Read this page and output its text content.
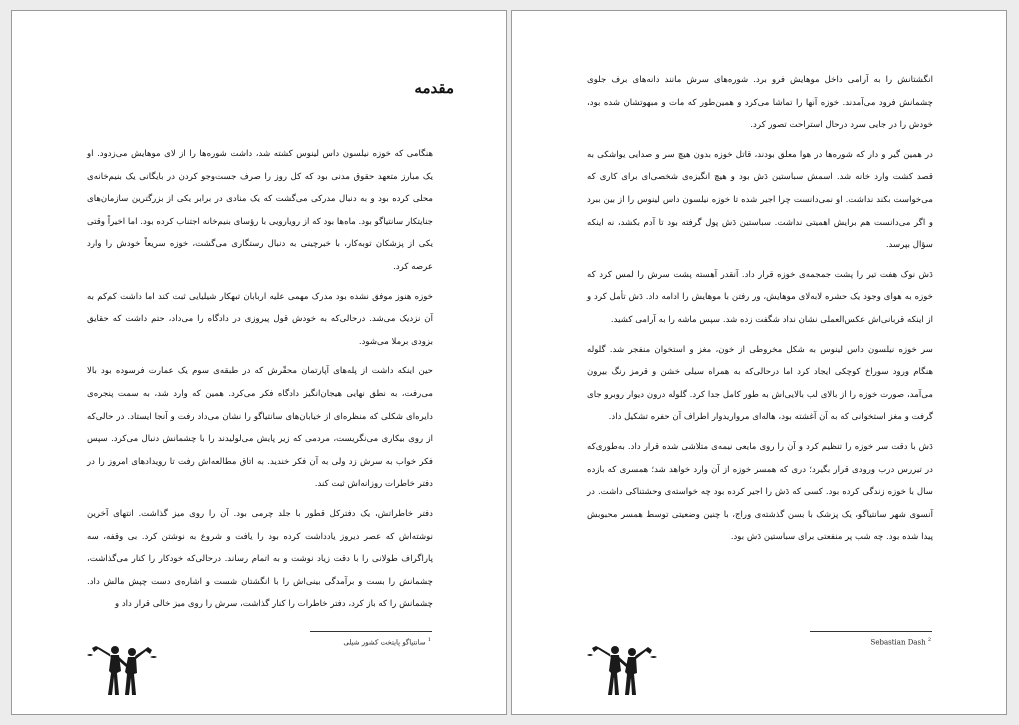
مقدمه

هنگامی که خوزه نیلسون داس لینوس کشته شد، داشت شوره‌ها را از لای موهایش می‌زدود. او یک مبارز متعهد حقوق مدنی بود که کل روز را صرف جست‌وجو کردن در بایگانی یک بنیم‌خانه‌ی محلی کرده بود و به دنبال مدرکی می‌گشت که یک منادی در برابر یکی از بزرگترین سازمان‌های جنایتکار سانتیاگو بود. ماه‌ها بود که از رویارویی با رؤسای بنیم‌خانه اجتناب کرده بود. اما اخیراً وقتی یکی از پزشکان توبه‌کار، با خبرچینی به دنبال رستگاری می‌گشت، خوزه سریعاً خودش را وارد عرصه کرد.

خوزه هنوز موفق نشده بود مدرک مهمی علیه اربابان تبهکار شیلیایی ثبت کند اما داشت کم‌کم به آن نزدیک می‌شد. درحالی‌که به خودش قول پیروزی در دادگاه را می‌داد، حتم داشت که حقایق بزودی برملا می‌شود.

حین اینکه داشت از پله‌های آپارتمان محقّرش که در طبقه‌ی سوم یک عمارت فرسوده بود بالا می‌رفت، به نطق نهایی هیجان‌انگیز دادگاه فکر می‌کرد. همین که وارد شد، به سمت پنجره‌ی دایره‌ای شکلی که منظره‌ای از خیابان‌های سانتیاگو را نشان می‌داد رفت و آنجا ایستاد. در حالی‌که از روی بیکاری می‌نگریست، مردمی که زیر پایش می‌لولیدند را با چشمانش دنبال می‌کرد. سپس فکر خواب به سرش زد ولی به آن فکر خندید. به اتاق مطالعه‌اش رفت تا رویدادهای امروز را در دفتر خاطرات روزانه‌اش ثبت کند.

دفتر خاطراتش، یک دفترکل قطور با جلد چرمی بود. آن را روی میز گذاشت. انتهای آخرین نوشته‌اش که عصر دیروز یادداشت کرده بود را یافت و شروع به نوشتن کرد. بی وقفه، سه پاراگراف طولانی را با دقت زیاد نوشت و به اتمام رساند. درحالی‌که خودکار را کنار می‌گذاشت، چشمانش را بست و برآمدگی بینی‌اش را با انگشتان شست و اشاره‌ی دست چپش مالش داد. چشمانش را که باز کرد، دفتر خاطرات را کنار گذاشت، سرش را روی میز خالی قرار داد و

$^1$ سانتیاگو پایتخت کشور شیلی

انگشتانش را به آرامی داخل موهایش فرو برد. شوره‌های سرش مانند دانه‌های برف جلوی چشمانش فرود می‌آمدند. خوزه آنها را تماشا می‌کرد و همین‌طور که مات و مبهوتشان شده بود، خودش را در جایی سرد درحال استراحت تصور کرد.

در همین گیر و دار که شوره‌ها در هوا معلق بودند، قاتل خوزه بدون هیچ سر و صدایی یواشکی به قصد کشت وارد خانه شد. اسمش سباستین دَش بود و هیچ انگیزه‌ی شخصی‌ای برای کاری که می‌خواست بکند نداشت. او نمی‌دانست چرا اجیر شده تا خوزه نیلسون داس لینوس را از بین ببرد و اگر می‌دانست هم برایش اهمیتی نداشت. سباستین دَش پول گرفته بود تا آدم بکشد، نه اینکه سؤال بپرسد.

دَش نوک هفت تیر را پشت جمجمه‌ی خوزه قرار داد. آنقدر آهسته پشت سرش را لمس کرد که خوزه به هوای وجود یک حشره لابه‌لای موهایش، ور رفتن با موهایش را ادامه داد. دَش تأمل کرد و از اینکه قربانی‌اش عکس‌العملی نشان نداد شگفت زده شد. سپس ماشه را به آرامی کشید.

سر خوزه نیلسون داس لینوس به شکل مخروطی از خون، مغز و استخوان منفجر شد. گلوله هنگام ورود سوراخ کوچکی ایجاد کرد اما درحالی‌که به همراه سیلی خشن و قرمز رنگ بیرون می‌آمد، صورت خوزه را از بالای لب بالایی‌اش به طور کامل جدا کرد. گلوله درون دیوار روبرو جای گرفت و مغز استخوانی که به آن آغشته بود، هاله‌ای مرواریدوار اطراف آن حفره تشکیل داد.

دَش با دقت سر خوزه را تنظیم کرد و آن را روی مایعی نیمه‌ی متلاشی شده قرار داد. به‌طوری‌که در تیررس درب ورودی قرار بگیرد؛ دری که همسر خوزه از آن وارد خواهد شد؛ همسری که بازده سال با خوزه زندگی کرده بود. کسی که دَش را اجیر کرده بود چه خواسته‌ی وحشتناکی داشت. در آنسوی شهر سانتیاگو، یک پزشک با بسن گذشته‌ی وراج، با چنین وضعیتی توسط همسر محبوبش پیدا شده بود. چه شب پر منفعتی برای سباستین دَش بود.

Sebastian Dash $^2$
